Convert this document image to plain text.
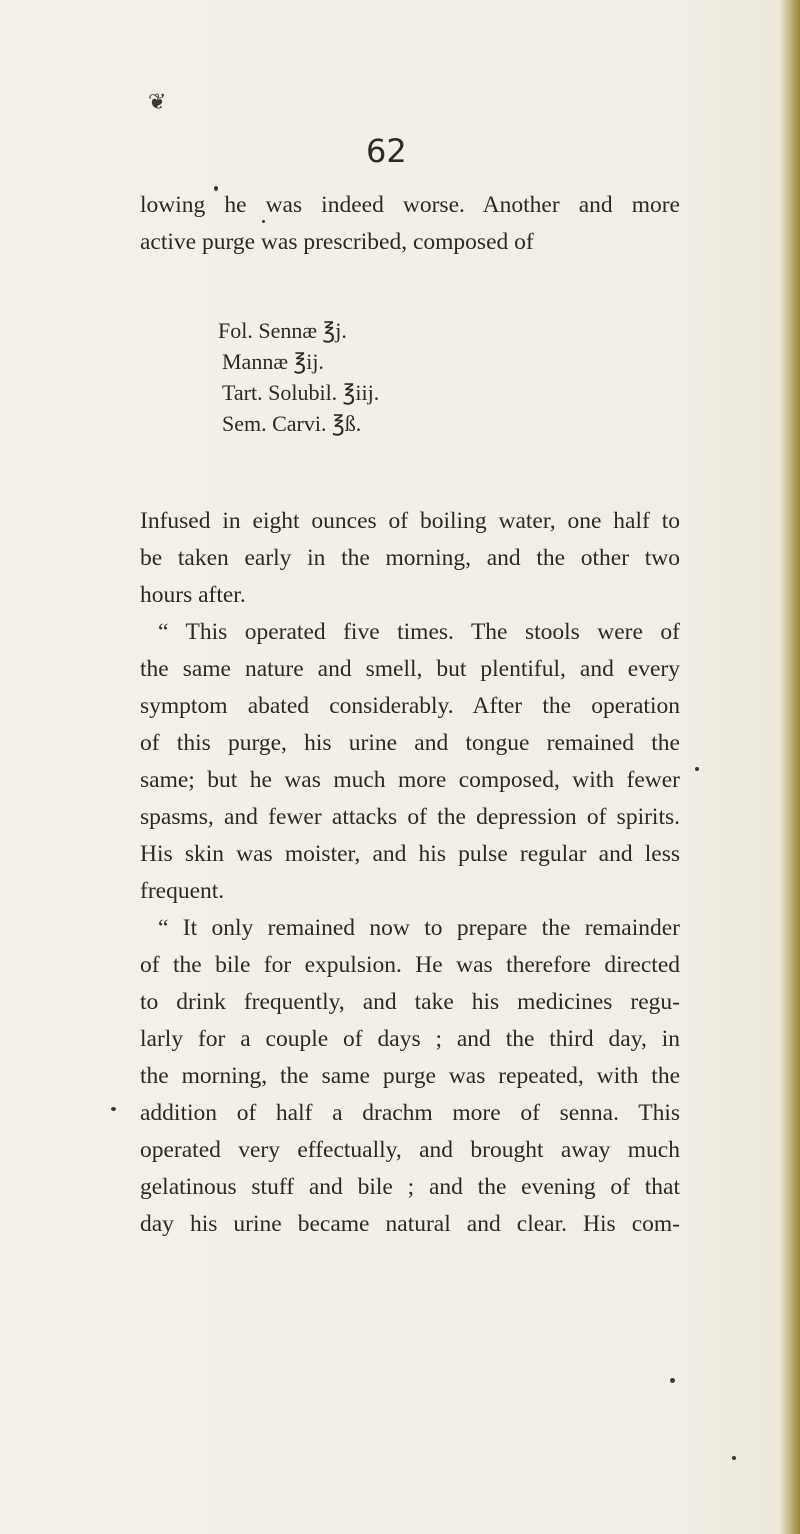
❦
62
lowing he was indeed worse. Another and more
active purge was prescribed, composed of
Fol. Sennæ ℥j.
Mannæ ℥ij.
Tart. Solubil. ℥iij.
Sem. Carvi. ℥ß.
Infused in eight ounces of boiling water, one half to
be taken early in the morning, and the other two
hours after.
“ This operated five times. The stools were of
the same nature and smell, but plentiful, and every
symptom abated considerably. After the operation
of this purge, his urine and tongue remained the
same; but he was much more composed, with fewer
spasms, and fewer attacks of the depression of spirits.
His skin was moister, and his pulse regular and less
frequent.
“ It only remained now to prepare the remainder
of the bile for expulsion. He was therefore directed
to drink frequently, and take his medicines regu-
larly for a couple of days ; and the third day, in
the morning, the same purge was repeated, with the
addition of half a drachm more of senna. This
operated very effectually, and brought away much
gelatinous stuff and bile ; and the evening of that
day his urine became natural and clear. His com-
